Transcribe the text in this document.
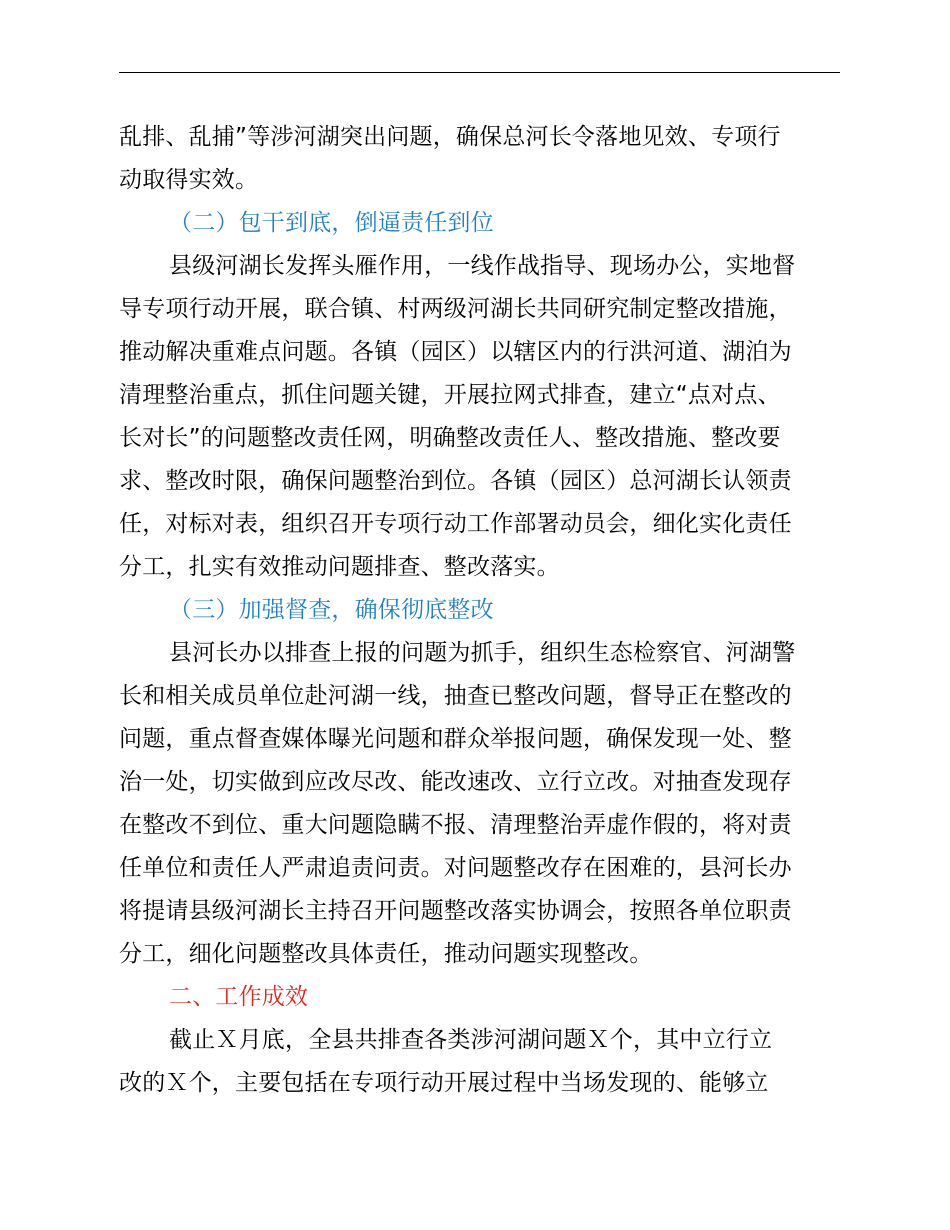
乱排、乱捕”等涉河湖突出问题，确保总河长令落地见效、专项行
动取得实效。
（二）包干到底，倒逼责任到位
县级河湖长发挥头雁作用，一线作战指导、现场办公，实地督
导专项行动开展，联合镇、村两级河湖长共同研究制定整改措施，
推动解决重难点问题。各镇（园区）以辖区内的行洪河道、湖泊为
清理整治重点，抓住问题关键，开展拉网式排查，建立“点对点、
长对长”的问题整改责任网，明确整改责任人、整改措施、整改要
求、整改时限，确保问题整治到位。各镇（园区）总河湖长认领责
任，对标对表，组织召开专项行动工作部署动员会，细化实化责任
分工，扎实有效推动问题排查、整改落实。
（三）加强督查，确保彻底整改
县河长办以排查上报的问题为抓手，组织生态检察官、河湖警
长和相关成员单位赴河湖一线，抽查已整改问题，督导正在整改的
问题，重点督查媒体曝光问题和群众举报问题，确保发现一处、整
治一处，切实做到应改尽改、能改速改、立行立改。对抽查发现存
在整改不到位、重大问题隐瞒不报、清理整治弄虚作假的，将对责
任单位和责任人严肃追责问责。对问题整改存在困难的，县河长办
将提请县级河湖长主持召开问题整改落实协调会，按照各单位职责
分工，细化问题整改具体责任，推动问题实现整改。
二、工作成效
截止Ｘ月底，全县共排查各类涉河湖问题Ｘ个，其中立行立
改的Ｘ个，主要包括在专项行动开展过程中当场发现的、能够立
